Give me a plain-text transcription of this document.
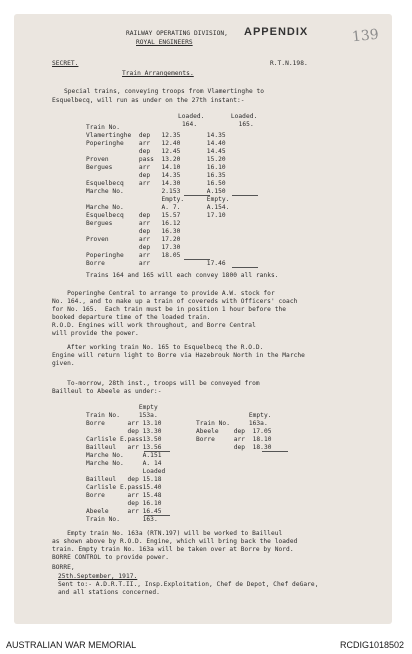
APPENDIX	139
RAILWAY OPERATING DIVISION,
ROYAL ENGINEERS
SECRET.	R.T.N.198.
Train Arrangements.
Special trains, conveying troops from Vlamertinghe to
Esquelbecq, will run as under on the 27th instant:-
Loaded.       Loaded.
164.           165.
Train No.
Vlamertinghe  dep   12.35       14.35
Poperinghe    arr   12.40       14.40
dep   12.45       14.45
Proven        pass  13.20       15.20
Bergues       arr   14.10       16.10
dep   14.35       16.35
Esquelbecq    arr   14.30       16.50
Marche No.          2.153       A.150
Empty.      Empty.
Marche No.          A. 7.       A.154.
Esquelbecq    dep   15.57       17.10
Bergues       arr   16.12
dep   16.30
Proven        arr   17.20
dep   17.30
Poperinghe    arr   18.05
Borre         arr               17.46
Trains 164 and 165 will each convey 1800 all ranks.
Poperinghe Central to arrange to provide A.W. stock for
No. 164., and to make up a train of covereds with Officers' coach
for No. 165.  Each train must be in position 1 hour before the
booked departure time of the loaded train.
R.O.D. Engines will work throughout, and Borre Central
will provide the power.
After working train No. 165 to Esquelbecq the R.O.D.
Engine will return light to Borre via Hazebrouk North in the Marche
given.
To-morrow, 28th inst., troops will be conveyed from
Bailleul to Abeele as under:-
Empty
Train No.     153a.
Borre      arr 13.10
dep 13.30
Carlisle E.pass13.50
Bailleul   arr 13.56
Marche No.     A.151
Marche No.     A. 14
Loaded
Bailleul   dep 15.18
Carlisle E.pass15.40
Borre      arr 15.48
dep 16.10
Abeele     arr 16.45
Train No.      163.
Empty.
Train No.     163a.
Abeele    dep  17.05
Borre     arr  18.10
dep  18.30
Empty train No. 163a (RTN.197) will be worked to Bailleul
as shown above by R.O.D. Engine, which will bring back the loaded
train. Empty train No. 163a will be taken over at Borre by Nord.
BORRE CONTROL to provide power.
BORRE,
25th.September, 1917.
Sent to:- A.D.R.T.II., Insp.Exploitation, Chef de Depot, Chef deGare,
and all stations concerned.
AUSTRALIAN WAR MEMORIAL	RCDIG1018502
